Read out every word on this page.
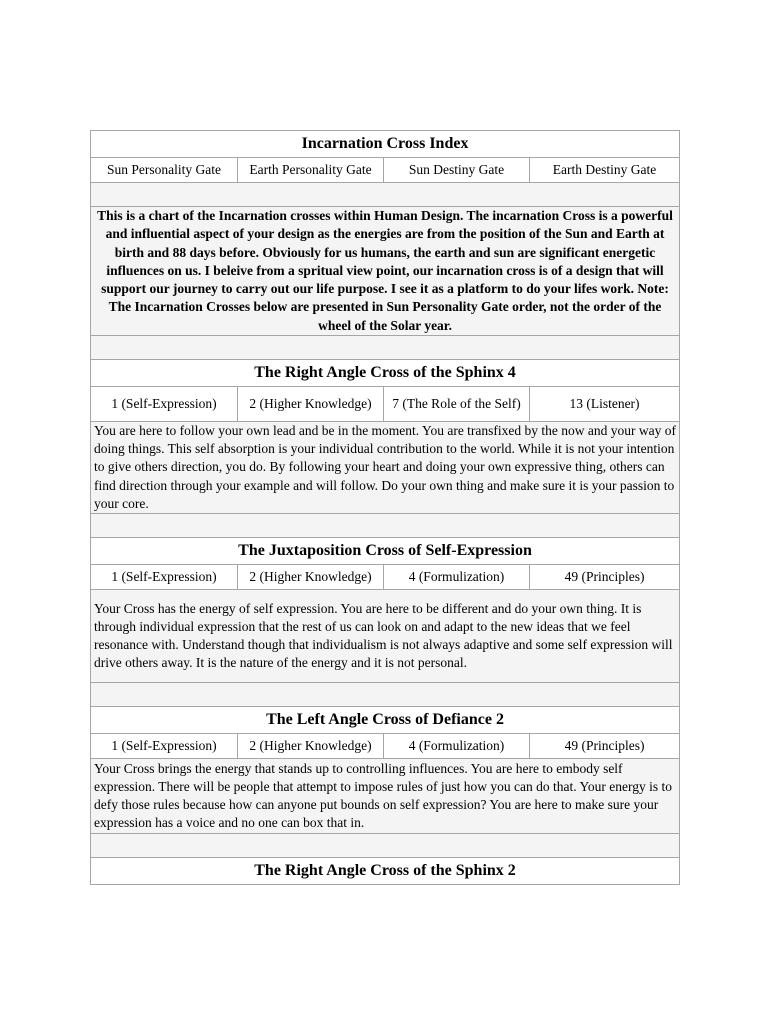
Incarnation Cross Index			
Sun Personality Gate	Earth Personality Gate	Sun Destiny Gate	Earth Destiny Gate

This is a chart of the Incarnation crosses within Human Design. The incarnation Cross is a powerful and influential aspect of your design as the energies are from the position of the Sun and Earth at birth and 88 days before. Obviously for us humans, the earth and sun are significant energetic influences on us. I beleive from a spritual view point, our incarnation cross is of a design that will support our journey to carry out our life purpose. I see it as a platform to do your lifes work. Note: The Incarnation Crosses below are presented in Sun Personality Gate order, not the order of the wheel of the Solar year.			

The Right Angle Cross of the Sphinx 4			
1 (Self-Expression)	2 (Higher Knowledge)	7 (The Role of the Self)	13 (Listener)
You are here to follow your own lead and be in the moment. You are transfixed by the now and your way of doing things. This self absorption is your individual contribution to the world. While it is not your intention to give others direction, you do. By following your heart and doing your own expressive thing, others can find direction through your example and will follow. Do your own thing and make sure it is your passion to your core.			

The Juxtaposition Cross of Self-Expression			
1 (Self-Expression)	2 (Higher Knowledge)	4 (Formulization)	49 (Principles)
Your Cross has the energy of self expression. You are here to be different and do your own thing. It is through individual expression that the rest of us can look on and adapt to the new ideas that we feel resonance with. Understand though that individualism is not always adaptive and some self expression will drive others away. It is the nature of the energy and it is not personal.			

The Left Angle Cross of Defiance 2			
1 (Self-Expression)	2 (Higher Knowledge)	4 (Formulization)	49 (Principles)
Your Cross brings the energy that stands up to controlling influences. You are here to embody self expression. There will be people that attempt to impose rules of just how you can do that. Your energy is to defy those rules because how can anyone put bounds on self expression? You are here to make sure your expression has a voice and no one can box that in.			

The Right Angle Cross of the Sphinx 2			
